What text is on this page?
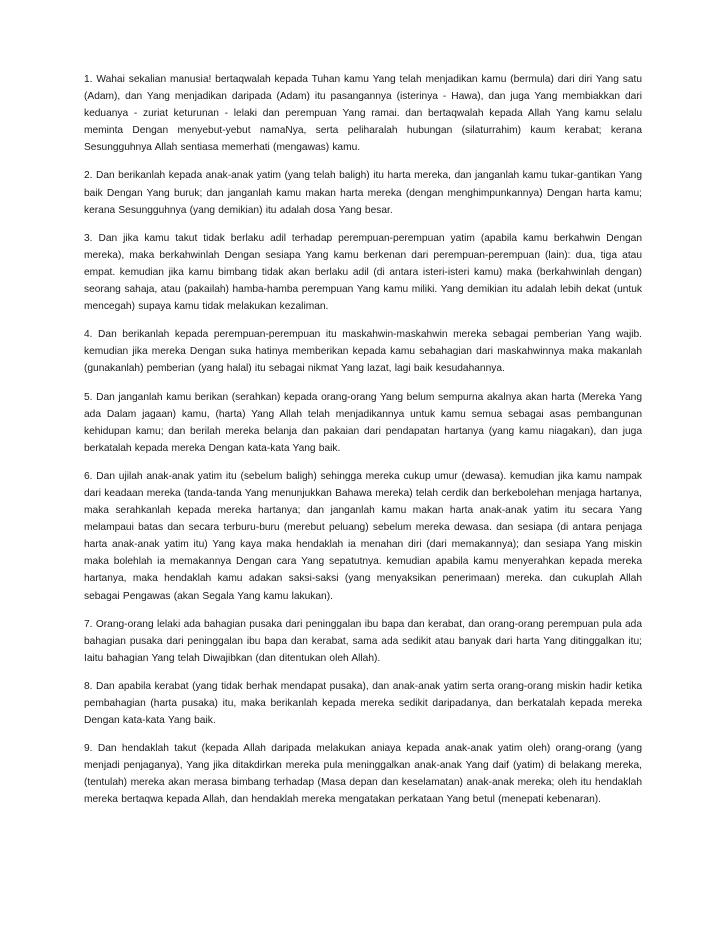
1. Wahai sekalian manusia! bertaqwalah kepada Tuhan kamu Yang telah menjadikan kamu (bermula) dari diri Yang satu (Adam), dan Yang menjadikan daripada (Adam) itu pasangannya (isterinya - Hawa), dan juga Yang membiakkan dari keduanya - zuriat keturunan - lelaki dan perempuan Yang ramai. dan bertaqwalah kepada Allah Yang kamu selalu meminta Dengan menyebut-yebut namaNya, serta peliharalah hubungan (silaturrahim) kaum kerabat; kerana Sesungguhnya Allah sentiasa memerhati (mengawas) kamu.

2. Dan berikanlah kepada anak-anak yatim (yang telah baligh) itu harta mereka, dan janganlah kamu tukar-gantikan Yang baik Dengan Yang buruk; dan janganlah kamu makan harta mereka (dengan menghimpunkannya) Dengan harta kamu; kerana Sesungguhnya (yang demikian) itu adalah dosa Yang besar.

3. Dan jika kamu takut tidak berlaku adil terhadap perempuan-perempuan yatim (apabila kamu berkahwin Dengan mereka), maka berkahwinlah Dengan sesiapa Yang kamu berkenan dari perempuan-perempuan (lain): dua, tiga atau empat. kemudian jika kamu bimbang tidak akan berlaku adil (di antara isteri-isteri kamu) maka (berkahwinlah dengan) seorang sahaja, atau (pakailah) hamba-hamba perempuan Yang kamu miliki. Yang demikian itu adalah lebih dekat (untuk mencegah) supaya kamu tidak melakukan kezaliman.

4. Dan berikanlah kepada perempuan-perempuan itu maskahwin-maskahwin mereka sebagai pemberian Yang wajib. kemudian jika mereka Dengan suka hatinya memberikan kepada kamu sebahagian dari maskahwinnya maka makanlah (gunakanlah) pemberian (yang halal) itu sebagai nikmat Yang lazat, lagi baik kesudahannya.

5. Dan janganlah kamu berikan (serahkan) kepada orang-orang Yang belum sempurna akalnya akan harta (Mereka Yang ada Dalam jagaan) kamu, (harta) Yang Allah telah menjadikannya untuk kamu semua sebagai asas pembangunan kehidupan kamu; dan berilah mereka belanja dan pakaian dari pendapatan hartanya (yang kamu niagakan), dan juga berkatalah kepada mereka Dengan kata-kata Yang baik.

6. Dan ujilah anak-anak yatim itu (sebelum baligh) sehingga mereka cukup umur (dewasa). kemudian jika kamu nampak dari keadaan mereka (tanda-tanda Yang menunjukkan Bahawa mereka) telah cerdik dan berkebolehan menjaga hartanya, maka serahkanlah kepada mereka hartanya; dan janganlah kamu makan harta anak-anak yatim itu secara Yang melampaui batas dan secara terburu-buru (merebut peluang) sebelum mereka dewasa. dan sesiapa (di antara penjaga harta anak-anak yatim itu) Yang kaya maka hendaklah ia menahan diri (dari memakannya); dan sesiapa Yang miskin maka bolehlah ia memakannya Dengan cara Yang sepatutnya. kemudian apabila kamu menyerahkan kepada mereka hartanya, maka hendaklah kamu adakan saksi-saksi (yang menyaksikan penerimaan) mereka. dan cukuplah Allah sebagai Pengawas (akan Segala Yang kamu lakukan).

7. Orang-orang lelaki ada bahagian pusaka dari peninggalan ibu bapa dan kerabat, dan orang-orang perempuan pula ada bahagian pusaka dari peninggalan ibu bapa dan kerabat, sama ada sedikit atau banyak dari harta Yang ditinggalkan itu; Iaitu bahagian Yang telah Diwajibkan (dan ditentukan oleh Allah).

8. Dan apabila kerabat (yang tidak berhak mendapat pusaka), dan anak-anak yatim serta orang-orang miskin hadir ketika pembahagian (harta pusaka) itu, maka berikanlah kepada mereka sedikit daripadanya, dan berkatalah kepada mereka Dengan kata-kata Yang baik.

9. Dan hendaklah takut (kepada Allah daripada melakukan aniaya kepada anak-anak yatim oleh) orang-orang (yang menjadi penjaganya), Yang jika ditakdirkan mereka pula meninggalkan anak-anak Yang daif (yatim) di belakang mereka, (tentulah) mereka akan merasa bimbang terhadap (Masa depan dan keselamatan) anak-anak mereka; oleh itu hendaklah mereka bertaqwa kepada Allah, dan hendaklah mereka mengatakan perkataan Yang betul (menepati kebenaran).
